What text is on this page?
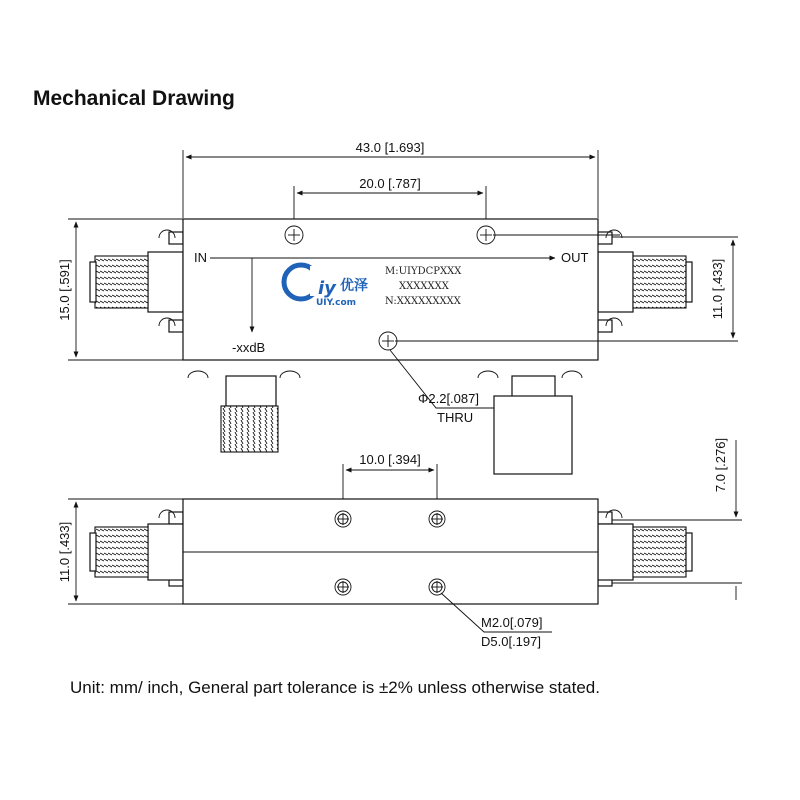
Mechanical Drawing
43.0 [1.693]
20.0 [.787]
15.0 [.591]	11.0 [.433]
IN	OUT
-xxdB
iy 优泽
UIY.com
M:UIYDCPXXX
XXXXXXX
N:XXXXXXXXX
Φ2.2[.087]
THRU
10.0 [.394]
11.0 [.433]
7.0 [.276]
M2.0[.079]
D5.0[.197]
Unit: mm/ inch, General part tolerance is ±2% unless otherwise stated.
